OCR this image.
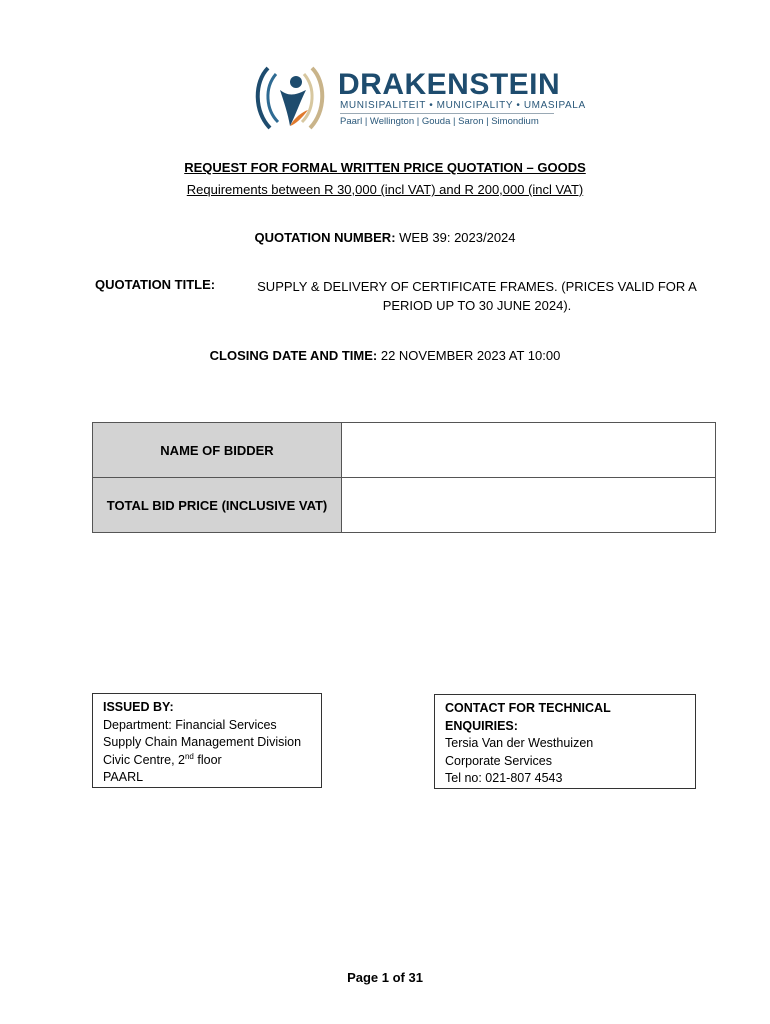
DRAKENSTEIN
MUNISIPALITEIT • MUNICIPALITY • UMASIPALA
Paarl | Wellington | Gouda | Saron | Simondium
REQUEST FOR FORMAL WRITTEN PRICE QUOTATION – GOODS
Requirements between R 30,000 (incl VAT) and R 200,000 (incl VAT)
QUOTATION NUMBER: WEB 39: 2023/2024
QUOTATION TITLE:	SUPPLY & DELIVERY OF CERTIFICATE FRAMES. (PRICES VALID FOR A PERIOD UP TO 30 JUNE 2024).
CLOSING DATE AND TIME: 22 NOVEMBER 2023 AT 10:00
NAME OF BIDDER	
TOTAL BID PRICE (INCLUSIVE VAT)	
ISSUED BY:
Department: Financial Services
Supply Chain Management Division
Civic Centre, 2nd floor
PAARL
CONTACT FOR TECHNICAL ENQUIRIES:
Tersia Van der Westhuizen
Corporate Services
Tel no: 021-807 4543
Page 1 of 31
